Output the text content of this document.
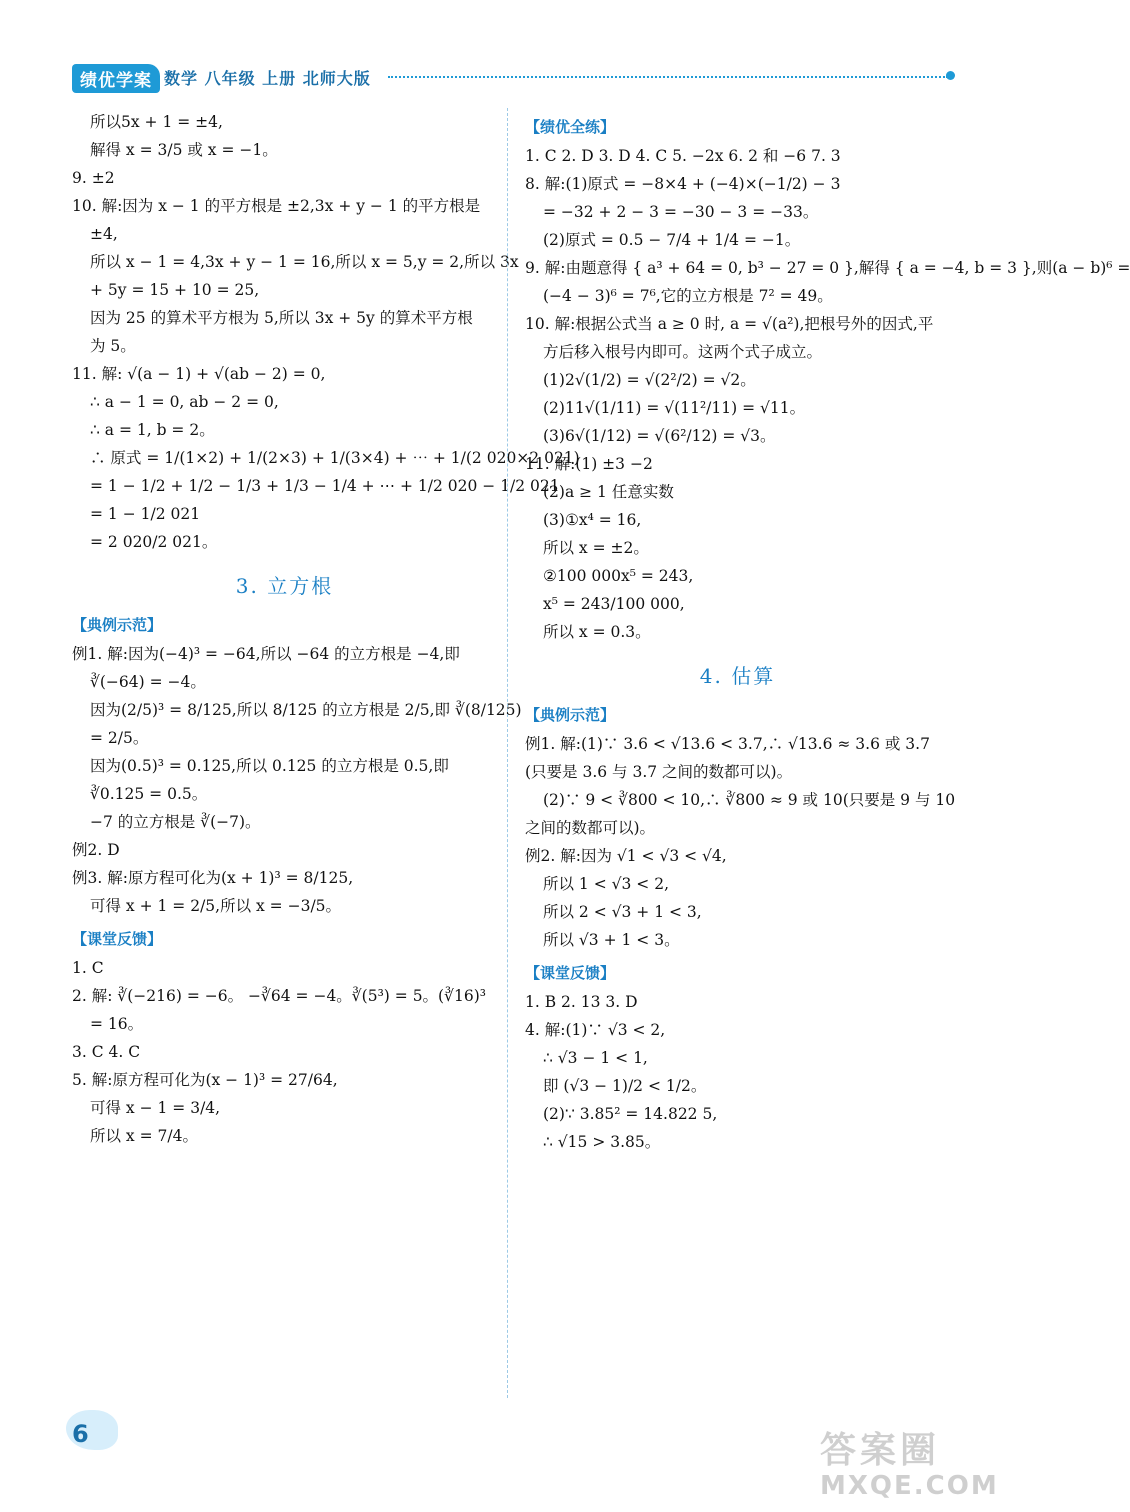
绩优学案 数学 八年级 上册 北师大版
所以5x + 1 = ±4,
解得 x = 3/5 或 x = −1。
9. ±2
10. 解:因为 x − 1 的平方根是 ±2,3x + y − 1 的平方根是
±4,
所以 x − 1 = 4,3x + y − 1 = 16,所以 x = 5,y = 2,所以 3x
+ 5y = 15 + 10 = 25,
因为 25 的算术平方根为 5,所以 3x + 5y 的算术平方根
为 5。
11. 解: √(a − 1) + √(ab − 2) = 0,
∴ a − 1 = 0, ab − 2 = 0,
∴ a = 1, b = 2。
∴ 原式 = 1/(1×2) + 1/(2×3) + 1/(3×4) + ⋯ + 1/(2 020×2 021)
= 1 − 1/2 + 1/2 − 1/3 + 1/3 − 1/4 + ⋯ + 1/2 020 − 1/2 021
= 1 − 1/2 021
= 2 020/2 021。
3. 立方根
【典例示范】
例1. 解:因为(−4)³ = −64,所以 −64 的立方根是 −4,即
∛(−64) = −4。
因为(2/5)³ = 8/125,所以 8/125 的立方根是 2/5,即 ∛(8/125)
= 2/5。
因为(0.5)³ = 0.125,所以 0.125 的立方根是 0.5,即
∛0.125 = 0.5。
−7 的立方根是 ∛(−7)。
例2. D
例3. 解:原方程可化为(x + 1)³ = 8/125,
可得 x + 1 = 2/5,所以 x = −3/5。
【课堂反馈】
1. C
2. 解: ∛(−216) = −6。 −∛64 = −4。∛(5³) = 5。(∛16)³
= 16。
3. C 4. C
5. 解:原方程可化为(x − 1)³ = 27/64,
可得 x − 1 = 3/4,
所以 x = 7/4。
【绩优全练】
1. C 2. D 3. D 4. C 5. −2x 6. 2 和 −6 7. 3
8. 解:(1)原式 = −8×4 + (−4)×(−1/2) − 3
= −32 + 2 − 3 = −30 − 3 = −33。
(2)原式 = 0.5 − 7/4 + 1/4 = −1。
9. 解:由题意得 { a³ + 64 = 0, b³ − 27 = 0 },解得 { a = −4, b = 3 },则(a − b)⁶ =
(−4 − 3)⁶ = 7⁶,它的立方根是 7² = 49。
10. 解:根据公式当 a ≥ 0 时, a = √(a²),把根号外的因式,平
方后移入根号内即可。这两个式子成立。
(1)2√(1/2) = √(2²/2) = √2。
(2)11√(1/11) = √(11²/11) = √11。
(3)6√(1/12) = √(6²/12) = √3。
11. 解:(1) ±3 −2
(2)a ≥ 1 任意实数
(3)①x⁴ = 16,
所以 x = ±2。
②100 000x⁵ = 243,
x⁵ = 243/100 000,
所以 x = 0.3。
4. 估算
【典例示范】
例1. 解:(1)∵ 3.6 < √13.6 < 3.7,∴ √13.6 ≈ 3.6 或 3.7
(只要是 3.6 与 3.7 之间的数都可以)。
(2)∵ 9 < ∛800 < 10,∴ ∛800 ≈ 9 或 10(只要是 9 与 10
之间的数都可以)。
例2. 解:因为 √1 < √3 < √4,
所以 1 < √3 < 2,
所以 2 < √3 + 1 < 3,
所以 √3 + 1 < 3。
【课堂反馈】
1. B 2. 13 3. D
4. 解:(1)∵ √3 < 2,
∴ √3 − 1 < 1,
即 (√3 − 1)/2 < 1/2。
(2)∵ 3.85² = 14.822 5,
∴ √15 > 3.85。
6	答案圈
MXQE.COM
